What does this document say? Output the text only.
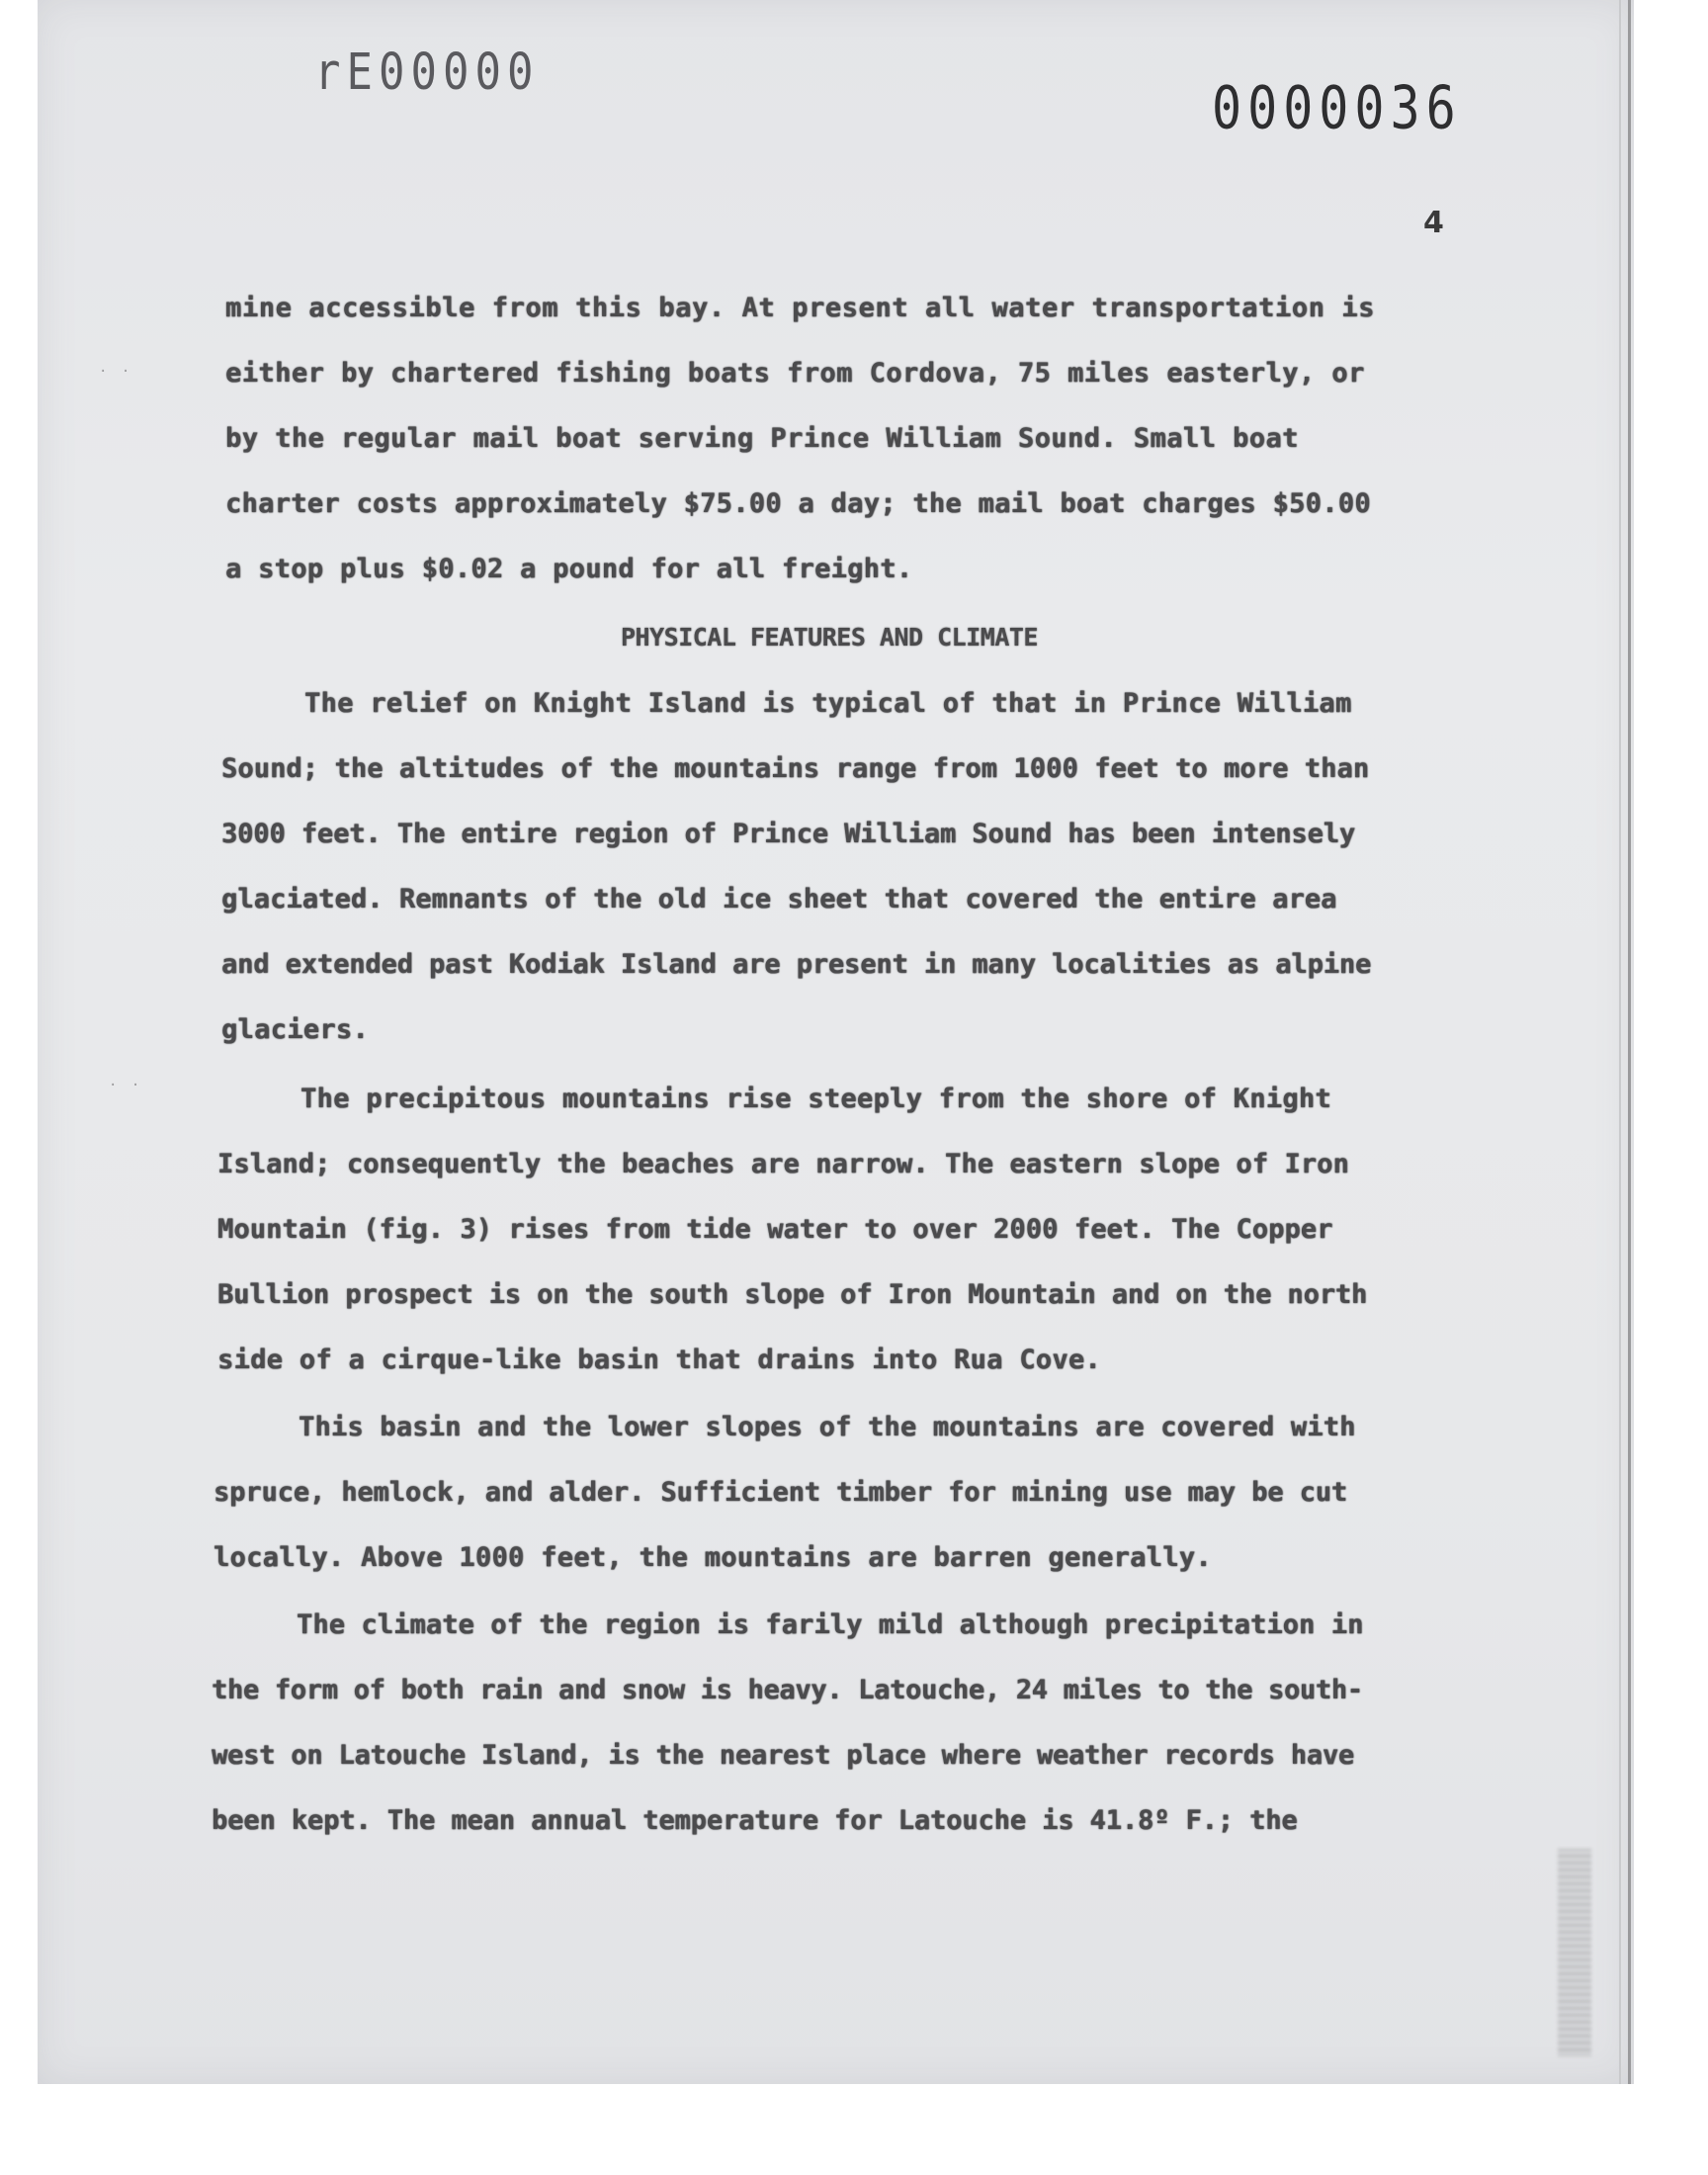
rE00000
0000036
4
· ·
· ·
mine accessible from this bay. At present all water transportation is
either by chartered fishing boats from Cordova, 75 miles easterly, or
by the regular mail boat serving Prince William Sound. Small boat
charter costs approximately $75.00 a day; the mail boat charges $50.00
a stop plus $0.02 a pound for all freight.
PHYSICAL FEATURES AND CLIMATE
The relief on Knight Island is typical of that in Prince William
Sound; the altitudes of the mountains range from 1000 feet to more than
3000 feet. The entire region of Prince William Sound has been intensely
glaciated. Remnants of the old ice sheet that covered the entire area
and extended past Kodiak Island are present in many localities as alpine
glaciers.
The precipitous mountains rise steeply from the shore of Knight
Island; consequently the beaches are narrow. The eastern slope of Iron
Mountain (fig. 3) rises from tide water to over 2000 feet. The Copper
Bullion prospect is on the south slope of Iron Mountain and on the north
side of a cirque-like basin that drains into Rua Cove.
This basin and the lower slopes of the mountains are covered with
spruce, hemlock, and alder. Sufficient timber for mining use may be cut
locally. Above 1000 feet, the mountains are barren generally.
The climate of the region is farily mild although precipitation in
the form of both rain and snow is heavy. Latouche, 24 miles to the south-
west on Latouche Island, is the nearest place where weather records have
been kept. The mean annual temperature for Latouche is 41.8º F.; the
